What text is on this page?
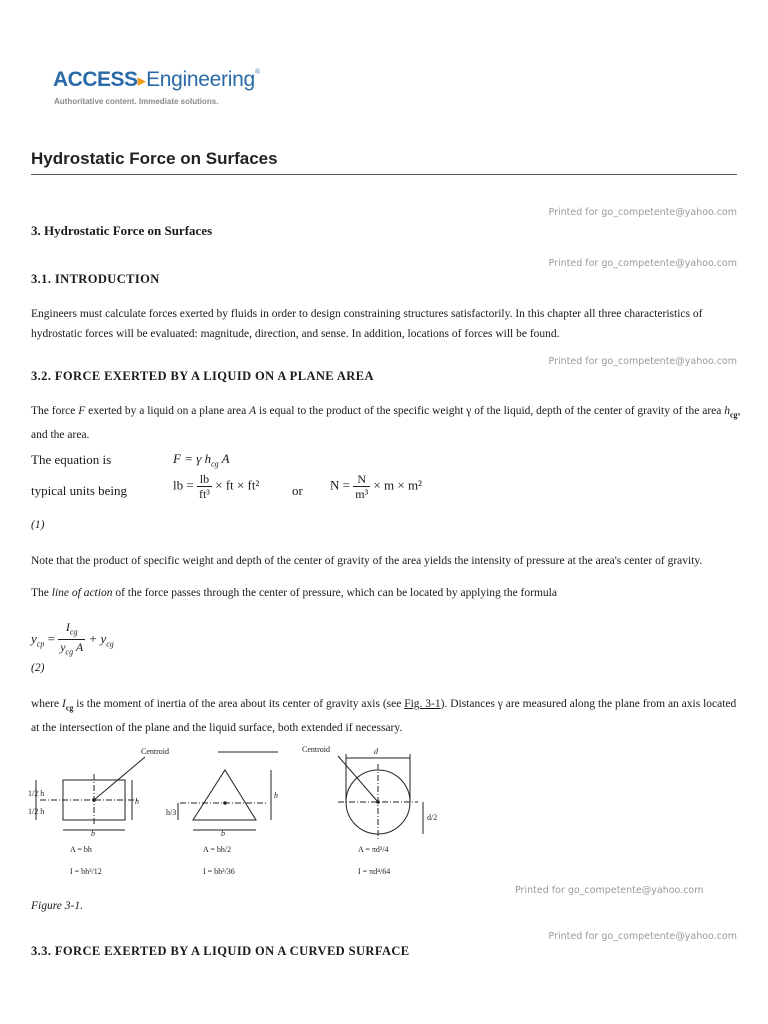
ACCESS▸Engineering®
Authoritative content. Immediate solutions.
Hydrostatic Force on Surfaces
Printed for go_competente@yahoo.com
Printed for go_competente@yahoo.com
Printed for go_competente@yahoo.com
Printed for go_competente@yahoo.com
Printed for go_competente@yahoo.com
3. Hydrostatic Force on Surfaces
3.1. INTRODUCTION
Engineers must calculate forces exerted by fluids in order to design constraining structures satisfactorily. In this chapter all three characteristics of hydrostatic forces will be evaluated: magnitude, direction, and sense. In addition, locations of forces will be found.
3.2. FORCE EXERTED BY A LIQUID ON A PLANE AREA
The force F exerted by a liquid on a plane area A is equal to the product of the specific weight γ of the liquid, depth of the center of gravity of the area $h_{cg}$, and the area.
The equation is	F = γ $h_{cg}$ A
typical units being	lb = $\frac{lb}{\text{ft³}}$ × ft × ft²	or $N = \frac{N}{\text{m³}} \times m \times m^2$
(1)
Note that the product of specific weight and depth of the center of gravity of the area yields the intensity of pressure at the area's center of gravity.
The line of action of the force passes through the center of pressure, which can be located by applying the formula
$y_{cp} = \frac{I_{cg}}{y_{cg} A} + y_{cg}$
(2)
where $I_{cg}$ is the moment of inertia of the area about its center of gravity axis (see Fig. 3-1). Distances γ are measured along the plane from an axis located at the intersection of the plane and the liquid surface, both extended if necessary.
Centroid	Centroid
1/2 h
1/2 h
h
b
h/3
h
b
d
d/2
A = bh
I = bh³/12
A = bh/2
I = bh³/36
A = πd²/4
I = πd⁴/64
Figure 3-1.
3.3. FORCE EXERTED BY A LIQUID ON A CURVED SURFACE
